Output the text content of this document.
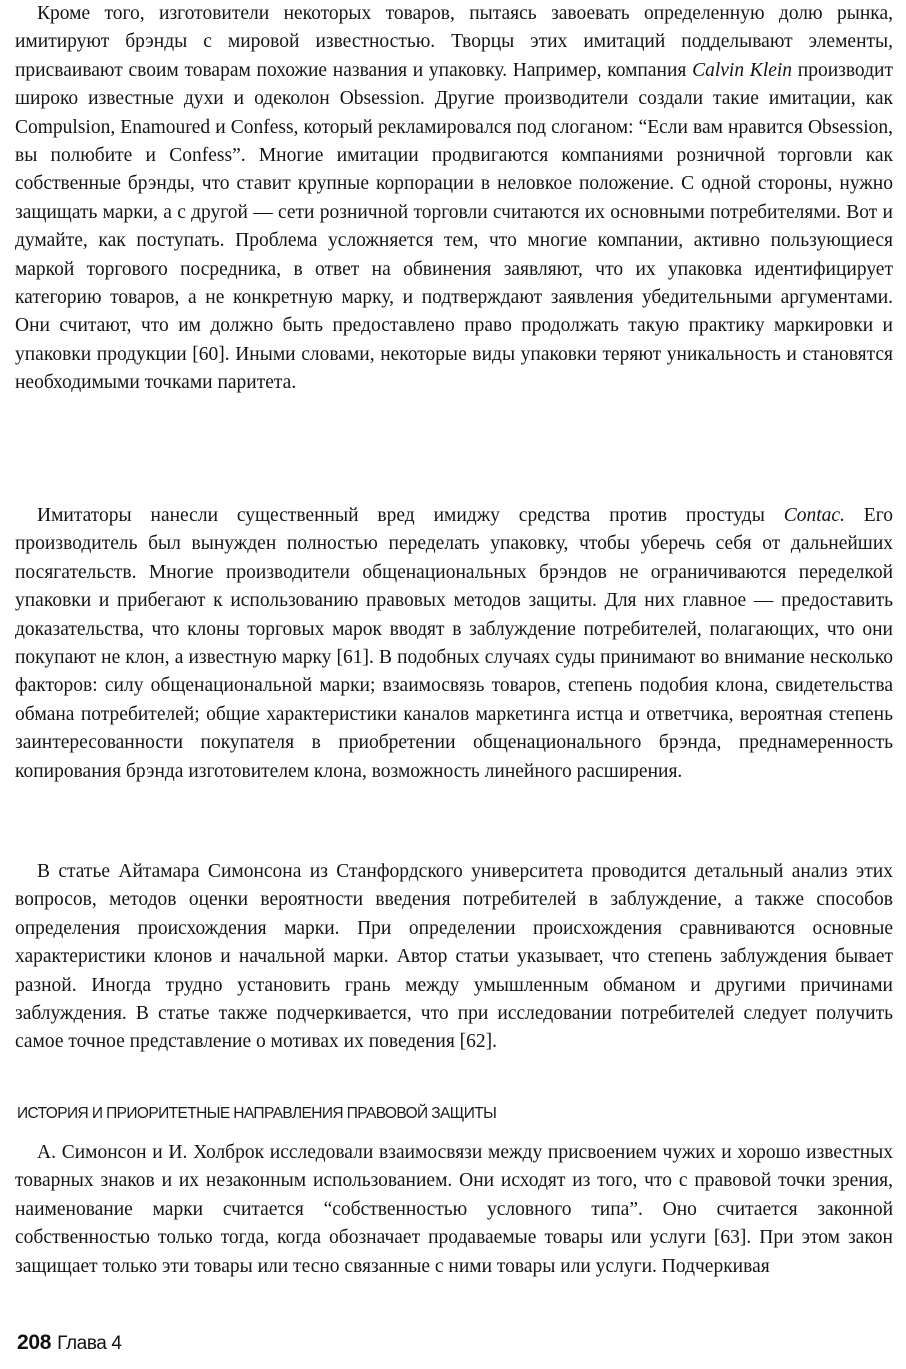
Кроме того, изготовители некоторых товаров, пытаясь завоевать определенную долю рынка, имитируют брэнды с мировой известностью. Творцы этих имитаций подделывают элементы, присваивают своим товарам похожие названия и упаковку. Например, компания Calvin Klein производит широко известные духи и одеколон Obsession. Другие производители создали такие имитации, как Compulsion, Enamoured и Confess, который рекламировался под слоганом: “Если вам нравится Obsession, вы полюбите и Confess”. Многие имитации продвигаются компаниями розничной торговли как собственные брэнды, что ставит крупные корпорации в неловкое положение. С одной стороны, нужно защищать марки, а с другой — сети розничной торговли считаются их основными потребителями. Вот и думайте, как поступать. Проблема усложняется тем, что многие компании, активно пользующиеся маркой торгового посредника, в ответ на обвинения заявляют, что их упаковка идентифицирует категорию товаров, а не конкретную марку, и подтверждают заявления убедительными аргументами. Они считают, что им должно быть предоставлено право продолжать такую практику маркировки и упаковки продукции [60]. Иными словами, некоторые виды упаковки теряют уникальность и становятся необходимыми точками паритета.

Имитаторы нанесли существенный вред имиджу средства против простуды Contac. Его производитель был вынужден полностью переделать упаковку, чтобы уберечь себя от дальнейших посягательств. Многие производители общенациональных брэндов не ограничиваются переделкой упаковки и прибегают к использованию правовых методов защиты. Для них главное — предоставить доказательства, что клоны торговых марок вводят в заблуждение потребителей, полагающих, что они покупают не клон, а известную марку [61]. В подобных случаях суды принимают во внимание несколько факторов: силу общенациональной марки; взаимосвязь товаров, степень подобия клона, свидетельства обмана потребителей; общие характеристики каналов маркетинга истца и ответчика, вероятная степень заинтересованности покупателя в приобретении общенационального брэнда, преднамеренность копирования брэнда изготовителем клона, возможность линейного расширения.

В статье Айтамара Симонсона из Станфордского университета проводится детальный анализ этих вопросов, методов оценки вероятности введения потребителей в заблуждение, а также способов определения происхождения марки. При определении происхождения сравниваются основные характеристики клонов и начальной марки. Автор статьи указывает, что степень заблуждения бывает разной. Иногда трудно установить грань между умышленным обманом и другими причинами заблуждения. В статье также подчеркивается, что при исследовании потребителей следует получить самое точное представление о мотивах их поведения [62].

ИСТОРИЯ И ПРИОРИТЕТНЫЕ НАПРАВЛЕНИЯ ПРАВОВОЙ ЗАЩИТЫ

А. Симонсон и И. Холброк исследовали взаимосвязи между присвоением чужих и хорошо известных товарных знаков и их незаконным использованием. Они исходят из того, что с правовой точки зрения, наименование марки считается “собственностью условного типа”. Оно считается законной собственностью только тогда, когда обозначает продаваемые товары или услуги [63]. При этом закон защищает только эти товары или тесно связанные с ними товары или услуги. Подчеркивая

208 Глава 4
